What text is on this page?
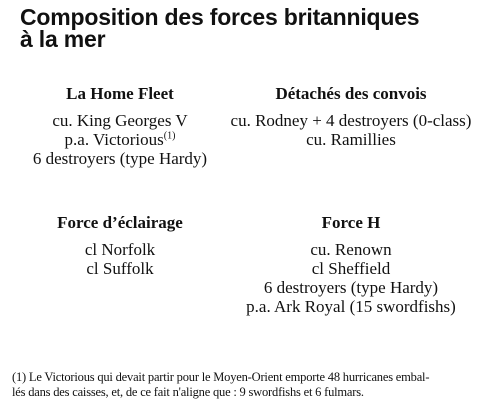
Composition des forces britanniques
à la mer
La Home Fleet
cu. King Georges V
p.a. Victorious$^{(1)}$
6 destroyers (type Hardy)
Détachés des convois
cu. Rodney + 4 destroyers (0-class)
cu. Ramillies
Force d’éclairage
cl Norfolk
cl Suffolk
Force H
cu. Renown
cl Sheffield
6 destroyers (type Hardy)
p.a. Ark Royal (15 swordfishs)
(1) Le Victorious qui devait partir pour le Moyen-Orient emporte 48 hurricanes embal-
lés dans des caisses, et, de ce fait n'aligne que : 9 swordfishs et 6 fulmars.
